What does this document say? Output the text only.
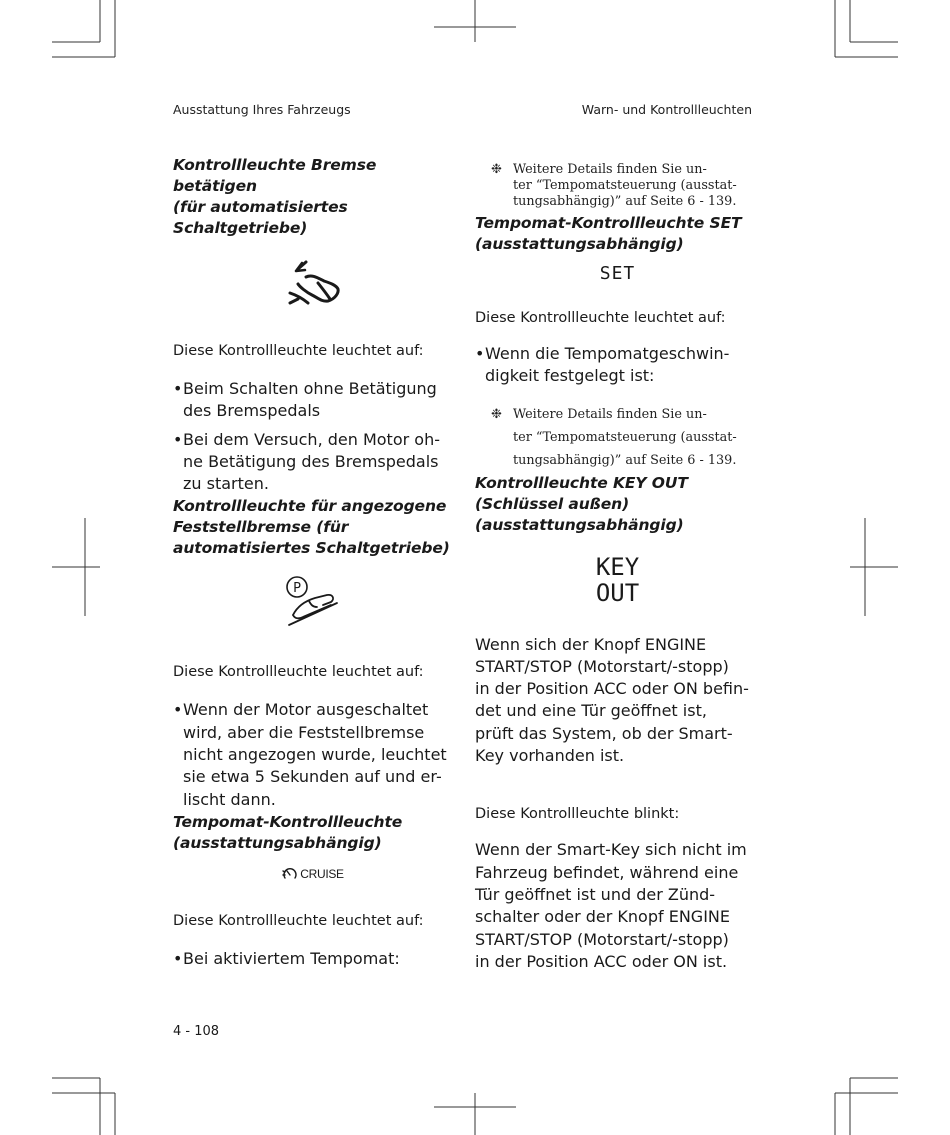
Ausstattung Ihres Fahrzeugs	Warn- und Kontrollleuchten
Kontrollleuchte Bremse betätigen
(für automatisiertes
Schaltgetriebe)

Diese Kontrollleuchte leuchtet auf:

• Beim Schalten ohne Betätigung
des Bremspedals
• Bei dem Versuch, den Motor oh-
ne Betätigung des Bremspedals
zu starten.
Kontrollleuchte für angezogene
Feststellbremse (für
automatisiertes Schaltgetriebe)
P

Diese Kontrollleuchte leuchtet auf:

• Wenn der Motor ausgeschaltet
wird, aber die Feststellbremse
nicht angezogen wurde, leuchtet
sie etwa 5 Sekunden auf und er-
lischt dann.
Tempomat-Kontrollleuchte
(ausstattungsabhängig)
CRUISE

Diese Kontrollleuchte leuchtet auf:

• Bei aktiviertem Tempomat:
❉ Weitere Details finden Sie un-
ter “Tempomatsteuerung (ausstat-
tungsabhängig)” auf Seite 6 - 139.
Tempomat-Kontrollleuchte SET
(ausstattungsabhängig)
SET

Diese Kontrollleuchte leuchtet auf:

• Wenn die Tempomatgeschwin-
digkeit festgelegt ist:
❉ Weitere Details finden Sie un-
ter “Tempomatsteuerung (ausstat-
tungsabhängig)” auf Seite 6 - 139.
Kontrollleuchte KEY OUT
(Schlüssel außen)
(ausstattungsabhängig)
KEY
OUT

Wenn sich der Knopf ENGINE
START/STOP (Motorstart/-stopp)
in der Position ACC oder ON befin-
det und eine Tür geöffnet ist,
prüft das System, ob der Smart-
Key vorhanden ist.

Diese Kontrollleuchte blinkt:

Wenn der Smart-Key sich nicht im
Fahrzeug befindet, während eine
Tür geöffnet ist und der Zünd-
schalter oder der Knopf ENGINE
START/STOP (Motorstart/-stopp)
in der Position ACC oder ON ist.

4 - 108
